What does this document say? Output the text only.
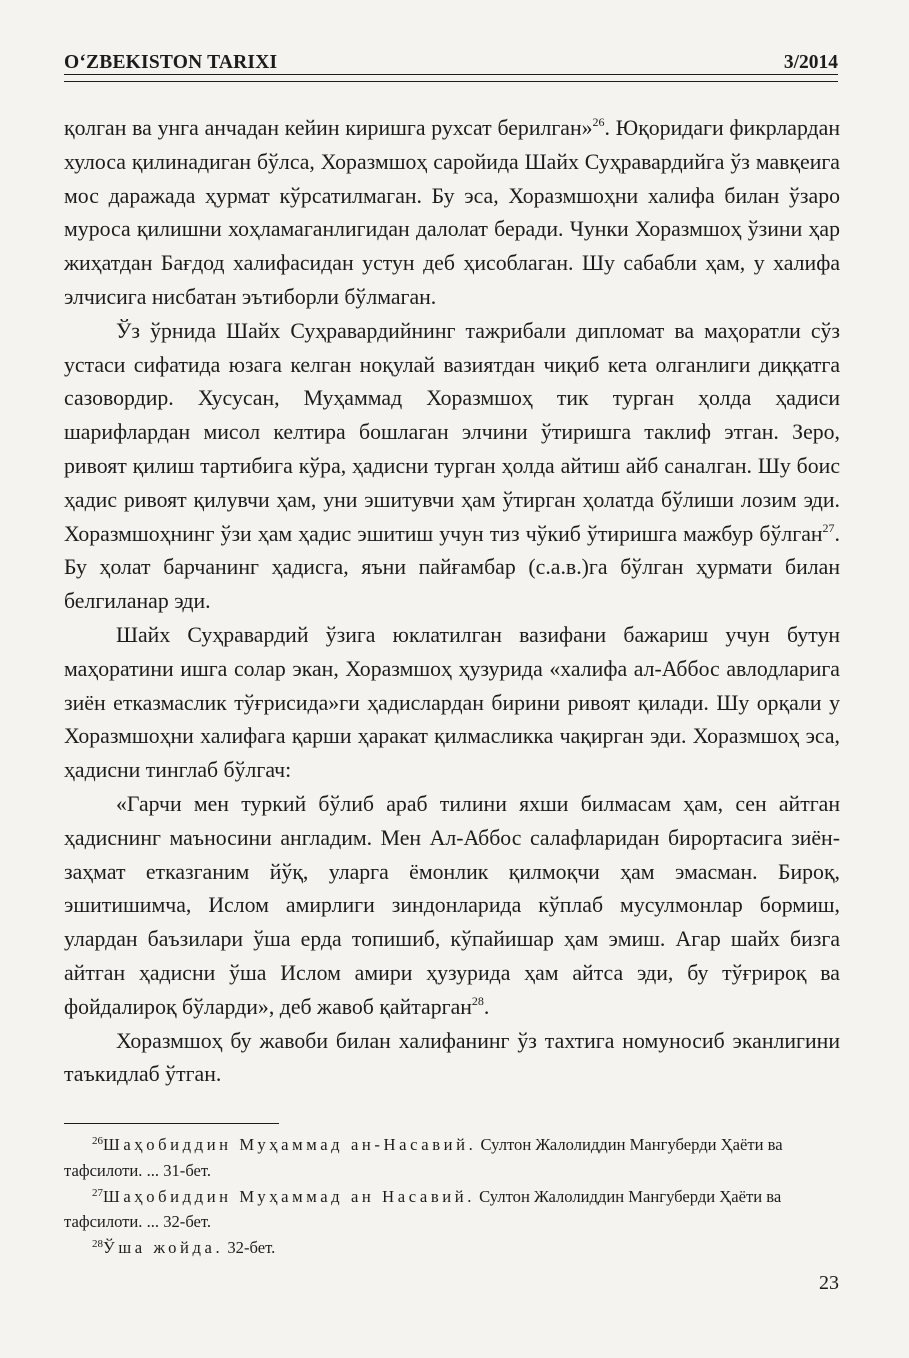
O‘ZBEKISTON TARIXI	3/2014

қолган ва унга анчадан кейин киришга рухсат берилган»$^{26}$. Юқоридаги фикрлардан хулоса қилинадиган бўлса, Хоразмшоҳ саройида Шайх Суҳравардийга ўз мавқеига мос даражада ҳурмат кўрсатилмаган. Бу эса, Хоразмшоҳни халифа билан ўзаро муроса қилишни хоҳламаганлигидан далолат беради. Чунки Хоразмшоҳ ўзини ҳар жиҳатдан Бағдод халифасидан устун деб ҳисоблаган. Шу сабабли ҳам, у халифа элчисига нисбатан эътиборли бўлмаган.

Ўз ўрнида Шайх Суҳравардийнинг тажрибали дипломат ва маҳоратли сўз устаси сифатида юзага келган ноқулай вазиятдан чиқиб кета олганлиги диққатга сазовордир. Хусусан, Муҳаммад Хоразмшоҳ тик турган ҳолда ҳадиси шарифлардан мисол келтира бошлаган элчини ўтиришга таклиф этган. Зеро, ривоят қилиш тартибига кўра, ҳадисни турган ҳолда айтиш айб саналган. Шу боис ҳадис ривоят қилувчи ҳам, уни эшитувчи ҳам ўтирган ҳолатда бўлиши лозим эди. Хоразмшоҳнинг ўзи ҳам ҳадис эшитиш учун тиз чўкиб ўтиришга мажбур бўлган$^{27}$. Бу ҳолат барчанинг ҳадисга, яъни пайғамбар (с.а.в.)га бўлган ҳурмати билан белгиланар эди.

Шайх Суҳравардий ўзига юклатилган вазифани бажариш учун бутун маҳоратини ишга солар экан, Хоразмшоҳ ҳузурида «халифа ал-Аббос авлодларига зиён етказмаслик тўғрисида»ги ҳадислардан бирини ривоят қилади. Шу орқали у Хоразмшоҳни халифага қарши ҳаракат қилмасликка чақирган эди. Хоразмшоҳ эса, ҳадисни тинглаб бўлгач:

«Гарчи мен туркий бўлиб араб тилини яхши билмасам ҳам, сен айтган ҳадиснинг маъносини англадим. Мен Ал-Аббос салафларидан бирортасига зиён-заҳмат етказганим йўқ, уларга ёмонлик қилмоқчи ҳам эмасман. Бироқ, эшитишимча, Ислом амирлиги зиндонларида кўплаб мусулмонлар бормиш, улардан баъзилари ўша ерда топишиб, кўпайишар ҳам эмиш. Агар шайх бизга айтган ҳадисни ўша Ислом амири ҳузурида ҳам айтса эди, бу тўғрироқ ва фойдалироқ бўларди», деб жавоб қайтарган$^{28}$.

Хоразмшоҳ бу жавоби билан халифанинг ўз тахтига номуносиб эканлигини таъкидлаб ўтган.

$^{26}$Шаҳобиддин Муҳаммад ан-Насавий. Султон Жалолиддин Мангуберди Ҳаёти ва тафсилоти. ... 31-бет.

$^{27}$Шаҳобиддин Муҳаммад ан Насавий. Султон Жалолиддин Мангуберди Ҳаёти ва тафсилоти. ... 32-бет.

$^{28}$Ўша жойда. 32-бет.

23
